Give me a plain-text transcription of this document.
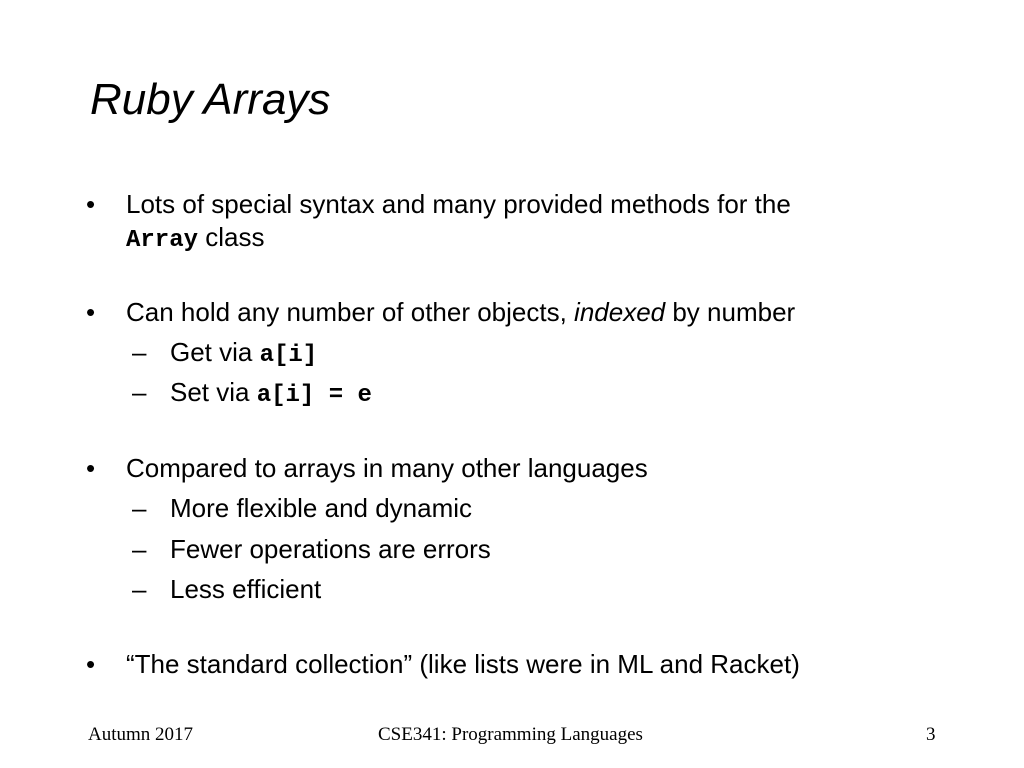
Ruby Arrays
• Lots of special syntax and many provided methods for the
Array class
• Can hold any number of other objects, indexed by number
– Get via a[i]
– Set via a[i] = e
• Compared to arrays in many other languages
– More flexible and dynamic
– Fewer operations are errors
– Less efficient
• “The standard collection” (like lists were in ML and Racket)
Autumn 2017	CSE341: Programming Languages	3
